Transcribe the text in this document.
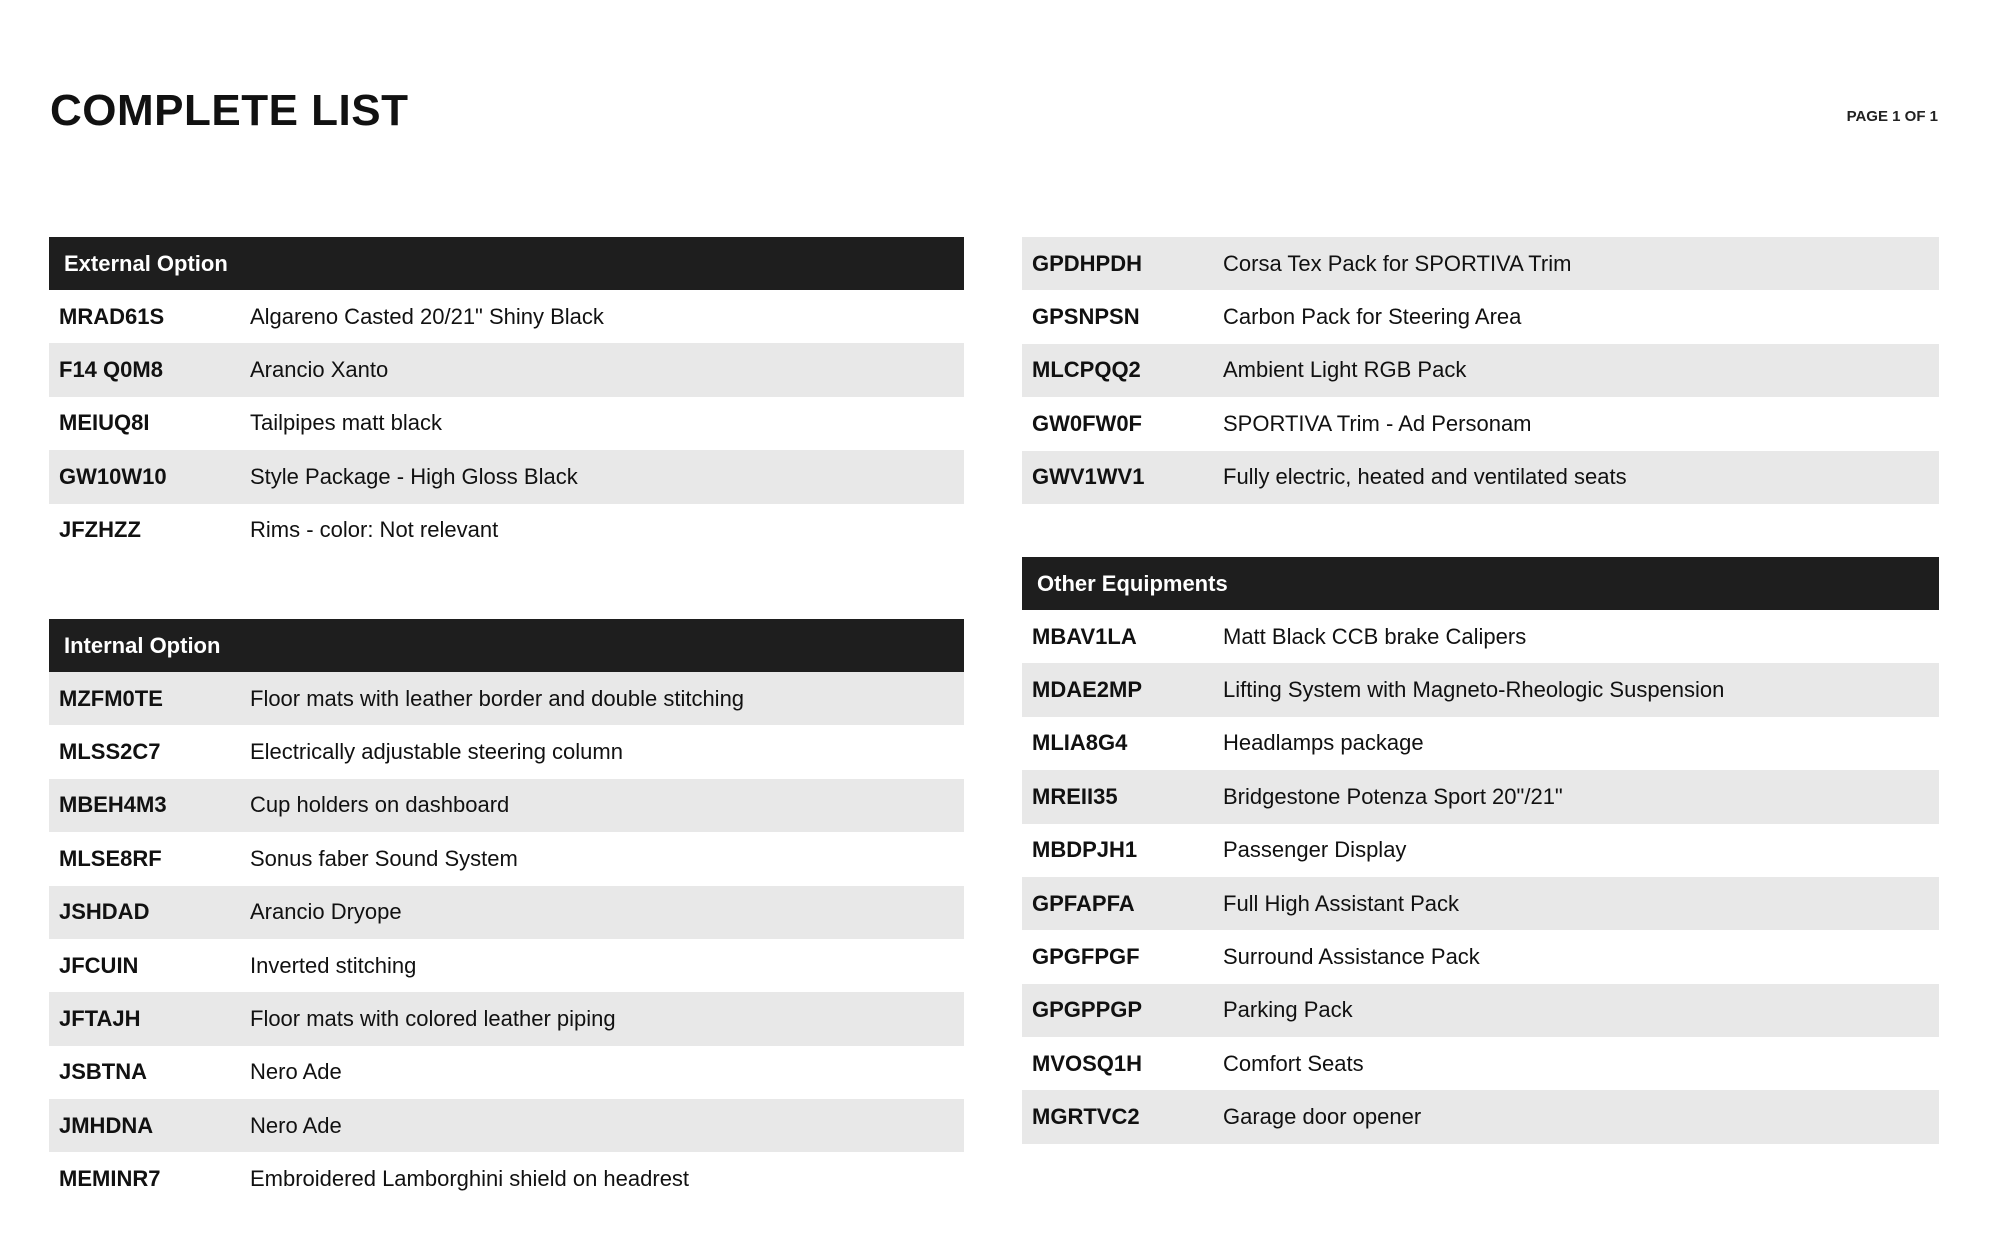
COMPLETE LIST	PAGE 1 OF 1
External Option
MRAD61S	Algareno Casted 20/21" Shiny Black
F14 Q0M8	Arancio Xanto
MEIUQ8I	Tailpipes matt black
GW10W10	Style Package - High Gloss Black
JFZHZZ	Rims - color: Not relevant
Internal Option
MZFM0TE	Floor mats with leather border and double stitching
MLSS2C7	Electrically adjustable steering column
MBEH4M3	Cup holders on dashboard
MLSE8RF	Sonus faber Sound System
JSHDAD	Arancio Dryope
JFCUIN	Inverted stitching
JFTAJH	Floor mats with colored leather piping
JSBTNA	Nero Ade
JMHDNA	Nero Ade
MEMINR7	Embroidered Lamborghini shield on headrest
GPDHPDH	Corsa Tex Pack for SPORTIVA Trim
GPSNPSN	Carbon Pack for Steering Area
MLCPQQ2	Ambient Light RGB Pack
GW0FW0F	SPORTIVA Trim - Ad Personam
GWV1WV1	Fully electric, heated and ventilated seats
Other Equipments
MBAV1LA	Matt Black CCB brake Calipers
MDAE2MP	Lifting System with Magneto-Rheologic Suspension
MLIA8G4	Headlamps package
MREII35	Bridgestone Potenza Sport 20"/21"
MBDPJH1	Passenger Display
GPFAPFA	Full High Assistant Pack
GPGFPGF	Surround Assistance Pack
GPGPPGP	Parking Pack
MVOSQ1H	Comfort Seats
MGRTVC2	Garage door opener
